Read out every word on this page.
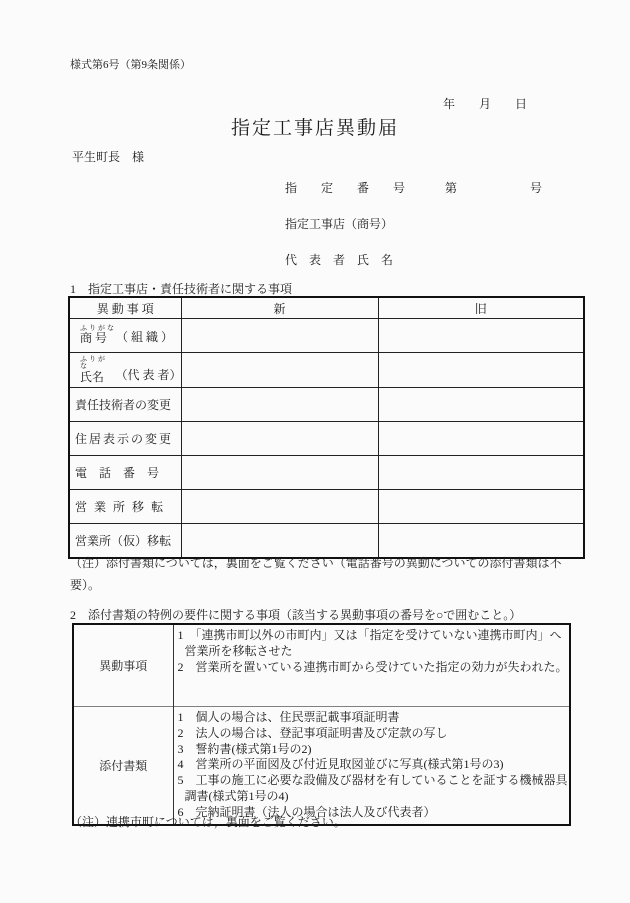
様式第6号（第9条関係）
年　　月　　日
指定工事店異動届
平生町長　様
指　　定　　番　　号	第	号
指定工事店（商号）
代　表　者　氏　名
1　指定工事店・責任技術者に関する事項
異 動 事 項	新	旧

ふりがな
商 号 （ 組 織 ）		

ふりがな
氏名 （代 表 者）		

責任技術者の変更		
住居表示の変更		
電　話　番　号		
営 業 所 移 転		
営業所（仮）移転		
（注）添付書類については，裏面をご覧ください（電話番号の異動についての添付書類は不要）。
2　添付書類の特例の要件に関する事項（該当する異動事項の番号を○で囲むこと。）
異動事項	1　「連携市町以外の市町内」又は「指定を受けていない連携市町内」へ営業所を移転させた
2　営業所を置いている連携市町から受けていた指定の効力が失われた。

添付書類	
1　個人の場合は、住民票記載事項証明書
2　法人の場合は、登記事項証明書及び定款の写し
3　誓約書(様式第1号の2)
4　営業所の平面図及び付近見取図並びに写真(様式第1号の3)
5　工事の施工に必要な設備及び器材を有していることを証する機械器具調書(様式第1号の4)
6　完納証明書（法人の場合は法人及び代表者）
（注）連携市町については，裏面をご覧ください。
